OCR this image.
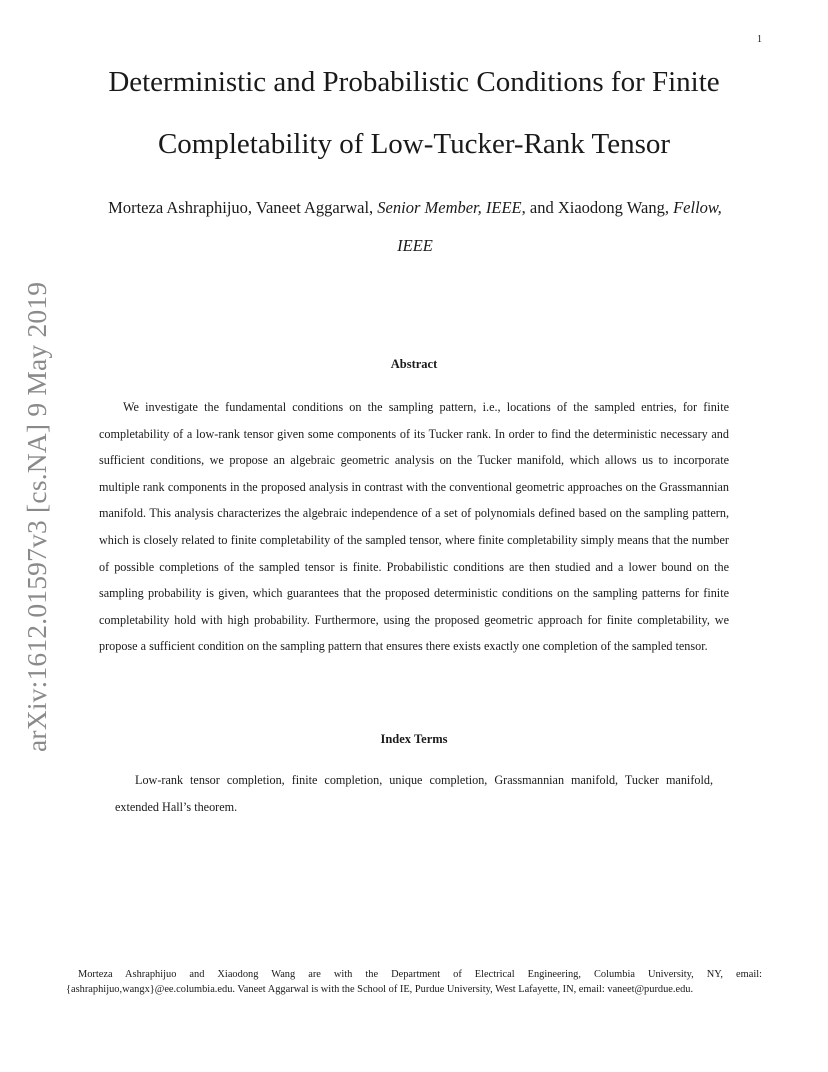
1
arXiv:1612.01597v3 [cs.NA] 9 May 2019
Deterministic and Probabilistic Conditions for Finite
Completability of Low-Tucker-Rank Tensor
Morteza Ashraphijuo, Vaneet Aggarwal, Senior Member, IEEE, and Xiaodong Wang, Fellow, IEEE
Abstract

We investigate the fundamental conditions on the sampling pattern, i.e., locations of the sampled entries, for finite completability of a low-rank tensor given some components of its Tucker rank. In order to find the deterministic necessary and sufficient conditions, we propose an algebraic geometric analysis on the Tucker manifold, which allows us to incorporate multiple rank components in the proposed analysis in contrast with the conventional geometric approaches on the Grassmannian manifold. This analysis characterizes the algebraic independence of a set of polynomials defined based on the sampling pattern, which is closely related to finite completability of the sampled tensor, where finite completability simply means that the number of possible completions of the sampled tensor is finite. Probabilistic conditions are then studied and a lower bound on the sampling probability is given, which guarantees that the proposed deterministic conditions on the sampling patterns for finite completability hold with high probability. Furthermore, using the proposed geometric approach for finite completability, we propose a sufficient condition on the sampling pattern that ensures there exists exactly one completion of the sampled tensor.

Index Terms

Low-rank tensor completion, finite completion, unique completion, Grassmannian manifold, Tucker manifold, extended Hall’s theorem.

Morteza Ashraphijuo and Xiaodong Wang are with the Department of Electrical Engineering, Columbia University, NY, email: {ashraphijuo,wangx}@ee.columbia.edu. Vaneet Aggarwal is with the School of IE, Purdue University, West Lafayette, IN, email: vaneet@purdue.edu.
